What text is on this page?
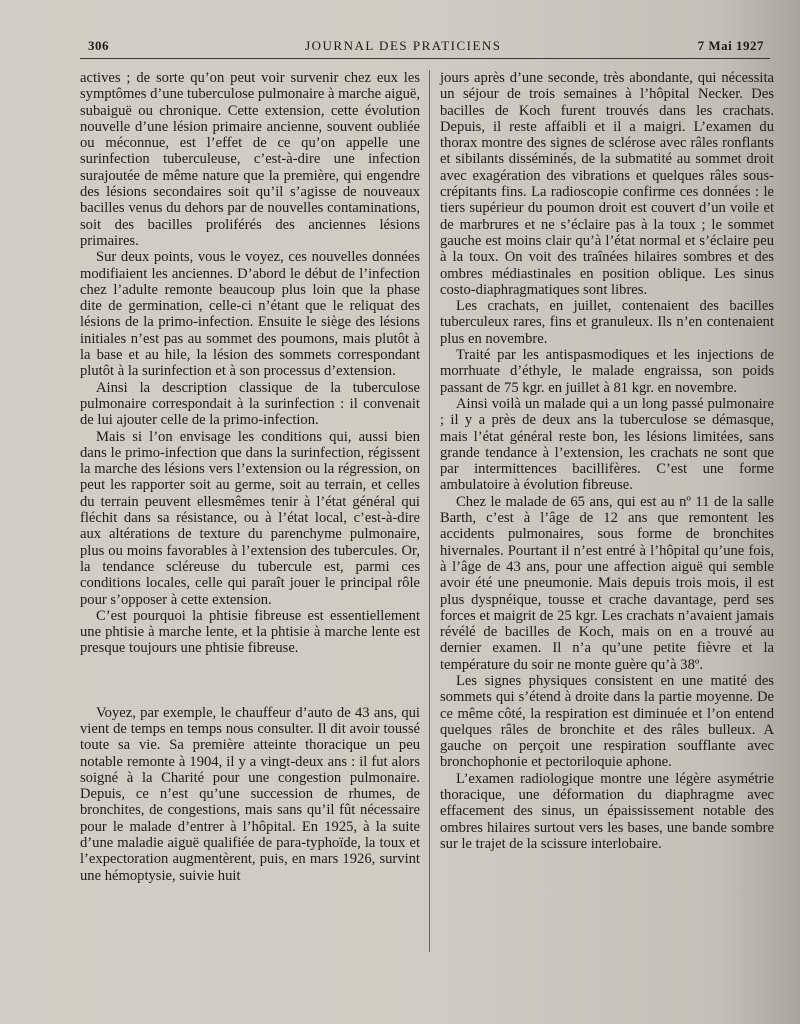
306	JOURNAL DES PRATICIENS	7 Mai 1927

actives ; de sorte qu’on peut voir survenir chez eux les symptômes d’une tuberculose pulmonaire à marche aiguë, subaiguë ou chronique. Cette extension, cette évolution nouvelle d’une lésion primaire ancienne, souvent oubliée ou méconnue, est l’effet de ce qu’on appelle une surinfection tuberculeuse, c’est-à-dire une infection surajoutée de même nature que la première, qui engendre des lésions secondaires soit qu’il s’agisse de nouveaux bacilles venus du dehors par de nouvelles contaminations, soit des bacilles proliférés des anciennes lésions primaires.

Sur deux points, vous le voyez, ces nouvelles données modifiaient les anciennes. D’abord le début de l’infection chez l’adulte remonte beaucoup plus loin que la phase dite de germination, celle-ci n’étant que le reliquat des lésions de la primo-infection. Ensuite le siège des lésions initiales n’est pas au sommet des poumons, mais plutôt à la base et au hile, la lésion des sommets correspondant plutôt à la surinfection et à son processus d’extension.

Ainsi la description classique de la tuberculose pulmonaire correspondait à la surinfection : il convenait de lui ajouter celle de la primo-infection.

Mais si l’on envisage les conditions qui, aussi bien dans le primo-infection que dans la surinfection, régissent la marche des lésions vers l’extension ou la régression, on peut les rapporter soit au germe, soit au terrain, et celles du terrain peuvent ellesmêmes tenir à l’état général qui fléchit dans sa résistance, ou à l’état local, c’est-à-dire aux altérations de texture du parenchyme pulmonaire, plus ou moins favorables à l’extension des tubercules. Or, la tendance scléreuse du tubercule est, parmi ces conditions locales, celle qui paraît jouer le principal rôle pour s’opposer à cette extension.

C’est pourquoi la phtisie fibreuse est essentiellement une phtisie à marche lente, et la phtisie à marche lente est presque toujours une phtisie fibreuse.

Voyez, par exemple, le chauffeur d’auto de 43 ans, qui vient de temps en temps nous consulter. Il dit avoir toussé toute sa vie. Sa première atteinte thoracique un peu notable remonte à 1904, il y a vingt-deux ans : il fut alors soigné à la Charité pour une congestion pulmonaire. Depuis, ce n’est qu’une succession de rhumes, de bronchites, de congestions, mais sans qu’il fût nécessaire pour le malade d’entrer à l’hôpital. En 1925, à la suite d’une maladie aiguë qualifiée de para-typhoïde, la toux et l’expectoration augmentèrent, puis, en mars 1926, survint une hémoptysie, suivie huit

jours après d’une seconde, très abondante, qui nécessita un séjour de trois semaines à l’hôpital Necker. Des bacilles de Koch furent trouvés dans les crachats. Depuis, il reste affaibli et il a maigri. L’examen du thorax montre des signes de sclérose avec râles ronflants et sibilants disséminés, de la submatité au sommet droit avec exagération des vibrations et quelques râles sous-crépitants fins. La radioscopie confirme ces données : le tiers supérieur du poumon droit est couvert d’un voile et de marbrures et ne s’éclaire pas à la toux ; le sommet gauche est moins clair qu’à l’état normal et s’éclaire peu à la toux. On voit des traînées hilaires sombres et des ombres médiastinales en position oblique. Les sinus costo-diaphragmatiques sont libres.

Les crachats, en juillet, contenaient des bacilles tuberculeux rares, fins et granuleux. Ils n’en contenaient plus en novembre.

Traité par les antispasmodiques et les injections de morrhuate d’éthyle, le malade engraissa, son poids passant de 75 kgr. en juillet à 81 kgr. en novembre.

Ainsi voilà un malade qui a un long passé pulmonaire ; il y a près de deux ans la tuberculose se démasque, mais l’état général reste bon, les lésions limitées, sans grande tendance à l’extension, les crachats ne sont que par intermittences bacillifères. C’est une forme ambulatoire à évolution fibreuse.

Chez le malade de 65 ans, qui est au nº 11 de la salle Barth, c’est à l’âge de 12 ans que remontent les accidents pulmonaires, sous forme de bronchites hivernales. Pourtant il n’est entré à l’hôpital qu’une fois, à l’âge de 43 ans, pour une affection aiguë qui semble avoir été une pneumonie. Mais depuis trois mois, il est plus dyspnéique, tousse et crache davantage, perd ses forces et maigrit de 25 kgr. Les crachats n’avaient jamais révélé de bacilles de Koch, mais on en a trouvé au dernier examen. Il n’a qu’une petite fièvre et la température du soir ne monte guère qu’à 38º.

Les signes physiques consistent en une matité des sommets qui s’étend à droite dans la partie moyenne. De ce même côté, la respiration est diminuée et l’on entend quelques râles de bronchite et des râles bulleux. A gauche on perçoit une respiration soufflante avec bronchophonie et pectoriloquie aphone.

L’examen radiologique montre une légère asymétrie thoracique, une déformation du diaphragme avec effacement des sinus, un épaississement notable des ombres hilaires surtout vers les bases, une bande sombre sur le trajet de la scissure interlobaire.
